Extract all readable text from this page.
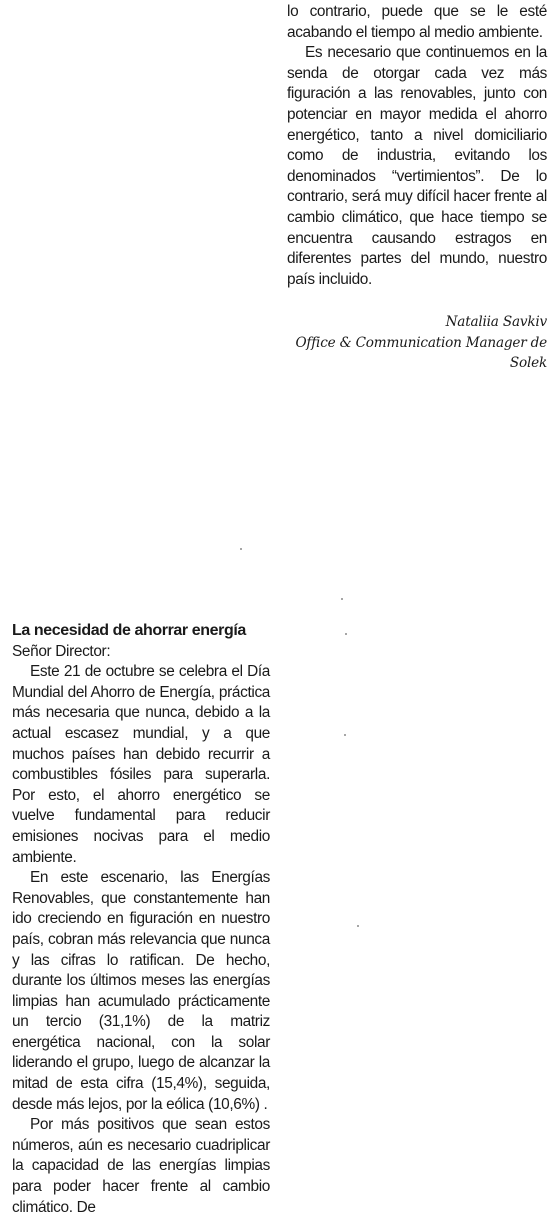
lo contrario, puede que se le esté acabando el tiempo al medio ambiente.

Es necesario que continuemos en la senda de otorgar cada vez más figuración a las renovables, junto con potenciar en mayor medida el ahorro energético, tanto a nivel domiciliario como de industria, evitando los denominados “vertimientos”. De lo contrario, será muy difícil hacer frente al cambio climático, que hace tiempo se encuentra causando estragos en diferentes partes del mundo, nuestro país incluido.

Nataliia Savkiv
Office & Communication Manager de
Solek
La necesidad de ahorrar energía

Señor Director:

Este 21 de octubre se celebra el Día Mundial del Ahorro de Energía, práctica más necesaria que nunca, debido a la actual escasez mundial, y a que muchos países han debido recurrir a combustibles fósiles para superarla. Por esto, el ahorro energético se vuelve fundamental para reducir emisiones nocivas para el medio ambiente.

En este escenario, las Energías Renovables, que constantemente han ido creciendo en figuración en nuestro país, cobran más relevancia que nunca y las cifras lo ratifican. De hecho, durante los últimos meses las energías limpias han acumulado prácticamente un tercio (31,1%) de la matriz energética nacional, con la solar liderando el grupo, luego de alcanzar la mitad de esta cifra (15,4%), seguida, desde más lejos, por la eólica (10,6%) .

Por más positivos que sean estos números, aún es necesario cuadriplicar la capacidad de las energías limpias para poder hacer frente al cambio climático. De
